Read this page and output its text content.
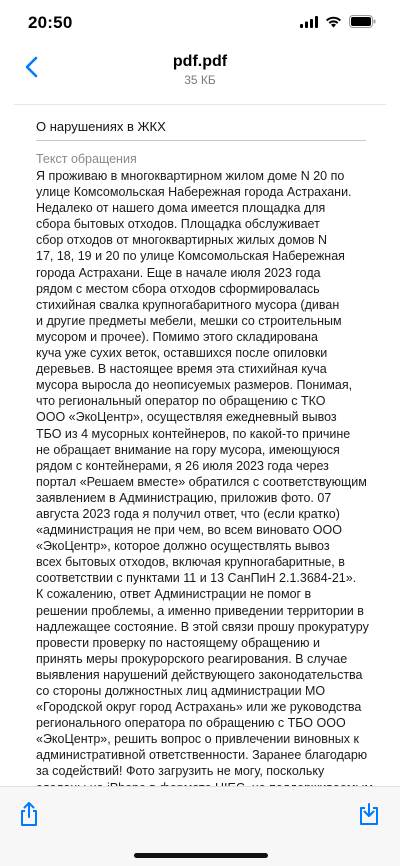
20:50
pdf.pdf
35 КБ
О нарушениях в ЖКХ
Текст обращения
Я проживаю в многоквартирном жилом доме N 20 по
улице Комсомольская Набережная города Астрахани.
Недалеко от нашего дома имеется площадка для
сбора бытовых отходов. Площадка обслуживает
сбор отходов от многоквартирных жилых домов N
17, 18, 19 и 20 по улице Комсомольская Набережная
города Астрахани. Еще в начале июля 2023 года
рядом с местом сбора отходов сформировалась
стихийная свалка крупногабаритного мусора (диван
и другие предметы мебели, мешки со строительным
мусором и прочее). Помимо этого складирована
куча уже сухих веток, оставшихся после опиловки
деревьев. В настоящее время эта стихийная куча
мусора выросла до неописуемых размеров. Понимая,
что региональный оператор по обращению с ТКО
ООО «ЭкоЦентр», осуществляя ежедневный вывоз
ТБО из 4 мусорных контейнеров, по какой-то причине
не обращает внимание на гору мусора, имеющуюся
рядом с контейнерами, я 26 июля 2023 года через
портал «Решаем вместе» обратился с соответствующим
заявлением в Администрацию, приложив фото. 07
августа 2023 года я получил ответ, что (если кратко)
«администрация не при чем, во всем виновато ООО
«ЭкоЦентр», которое должно осуществлять вывоз
всех бытовых отходов, включая крупногабаритные, в
соответствии с пунктами 11 и 13 СанПиН 2.1.3684-21».
К сожалению, ответ Администрации не помог в
решении проблемы, а именно приведении территории в
надлежащее состояние. В этой связи прошу прокуратуру
провести проверку по настоящему обращению и
принять меры прокурорского реагирования. В случае
выявления нарушений действующего законодательства
со стороны должностных лиц администрации МО
«Городской округ город Астрахань» или же руководства
регионального оператора по обращению с ТБО ООО
«ЭкоЦентр», решить вопрос о привлечении виновных к
административной ответственности. Заранее благодарю
за содействий! Фото загрузить не могу, поскольку
